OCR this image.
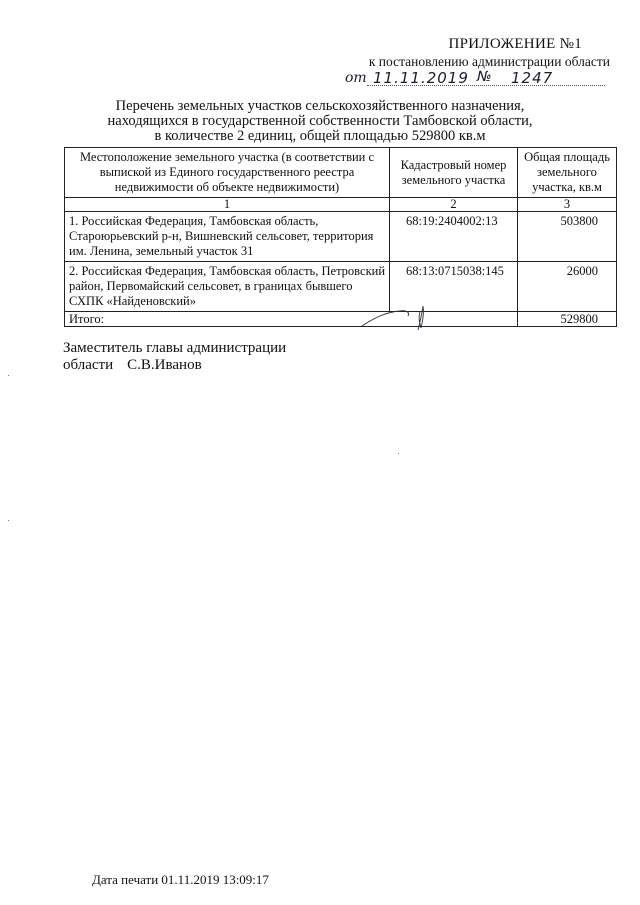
ПРИЛОЖЕНИЕ №1
к постановлению администрации области
от 11.11.2019 № 1247
Перечень земельных участков сельскохозяйственного назначения,
находящихся в государственной собственности Тамбовской области,
в количестве 2 единиц, общей площадью 529800 кв.м
Местоположение земельного участка (в соответствии с выпиской из Единого государственного реестра недвижимости об объекте недвижимости)	Кадастровый номер земельного участка	Общая площадь земельного участка, кв.м
1	2	3
1. Российская Федерация, Тамбовская область, Староюрьевский р-н, Вишневский сельсовет, территория им. Ленина, земельный участок 31	68:19:2404002:13	503800
2. Российская Федерация, Тамбовская область, Петровский район, Первомайский сельсовет, в границах бывшего СХПК «Найденовский»	68:13:0715038:145	26000
Итого:		529800
Заместитель главы администрации
области С.В.Иванов
Дата печати 01.11.2019 13:09:17
